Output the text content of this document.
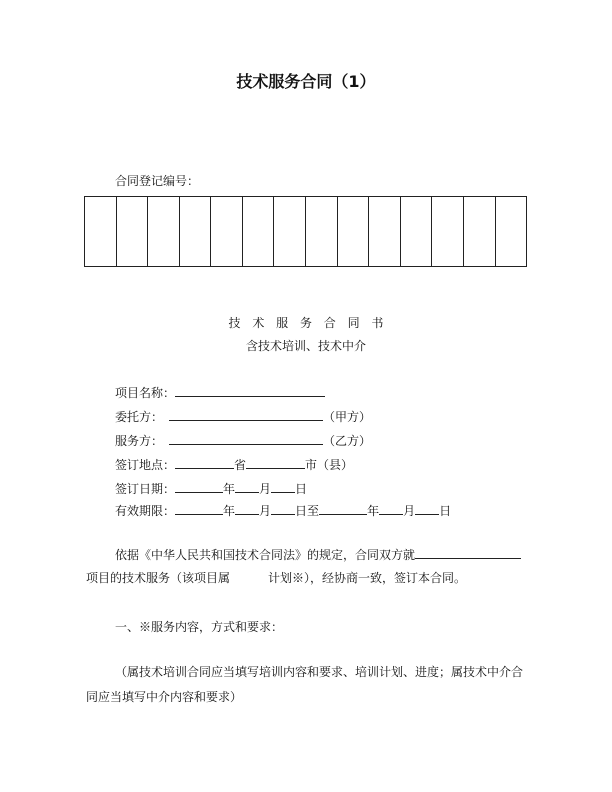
技术服务合同（1）
合同登记编号：
技 术 服 务 合 同 书
含技术培训、技术中介
项目名称：
委托方：	（甲方）
服务方：	（乙方）
签订地点：	省	市（县）
签订日期：	年 月 日
有效期限：	年 月 日至	年 月 日
依据《中华人民共和国技术合同法》的规定，合同双方就
项目的技术服务（该项目属	计划※），经协商一致，签订本合同。
一、※服务内容，方式和要求：
（属技术培训合同应当填写培训内容和要求、培训计划、进度；属技术中介合
同应当填写中介内容和要求）
